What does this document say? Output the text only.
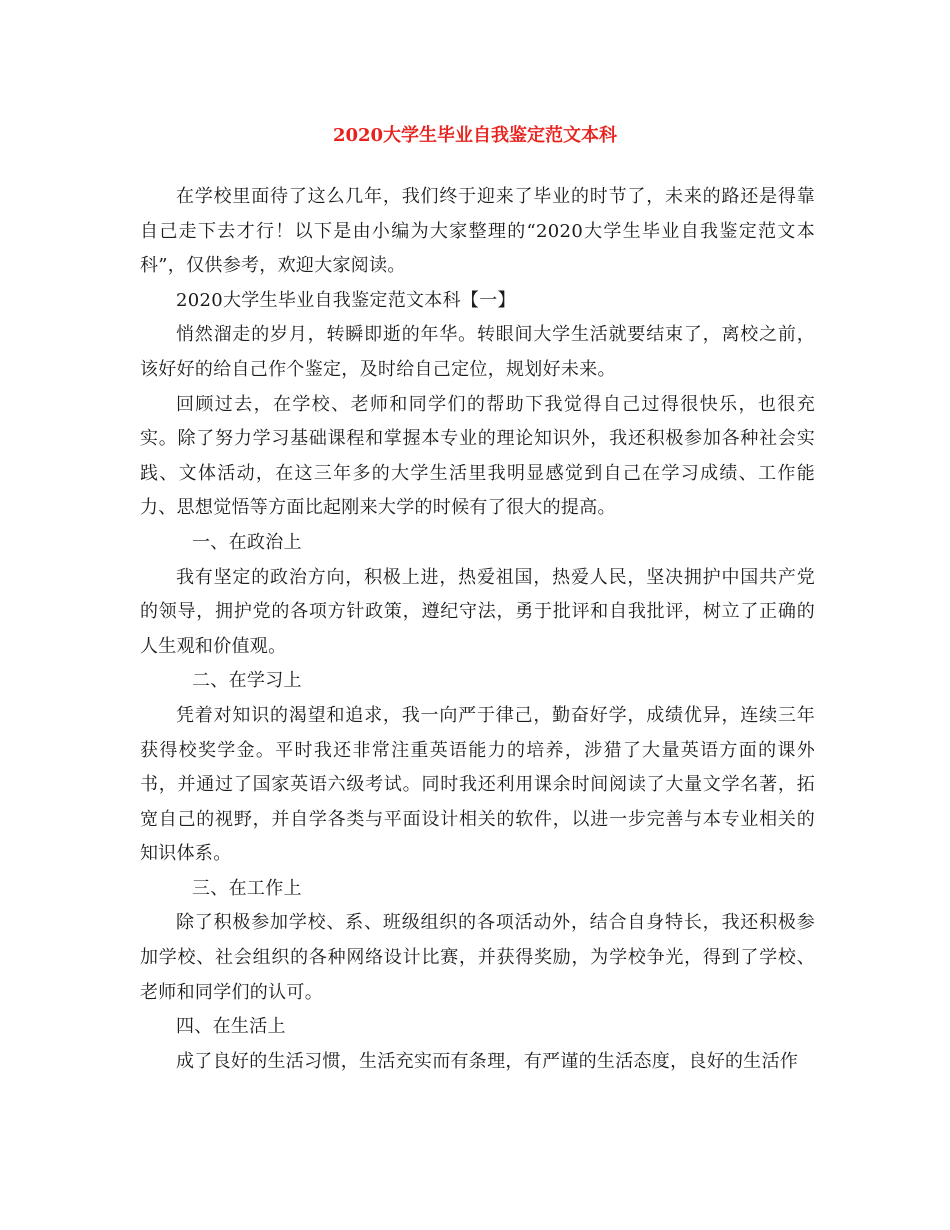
2020大学生毕业自我鉴定范文本科

在学校里面待了这么几年，我们终于迎来了毕业的时节了，未来的路还是得靠自己走下去才行！以下是由小编为大家整理的“2020大学生毕业自我鉴定范文本科”，仅供参考，欢迎大家阅读。

2020大学生毕业自我鉴定范文本科【一】

悄然溜走的岁月，转瞬即逝的年华。转眼间大学生活就要结束了，离校之前，该好好的给自己作个鉴定，及时给自己定位，规划好未来。

回顾过去，在学校、老师和同学们的帮助下我觉得自己过得很快乐，也很充实。除了努力学习基础课程和掌握本专业的理论知识外，我还积极参加各种社会实践、文体活动，在这三年多的大学生活里我明显感觉到自己在学习成绩、工作能力、思想觉悟等方面比起刚来大学的时候有了很大的提高。

一、在政治上

我有坚定的政治方向，积极上进，热爱祖国，热爱人民，坚决拥护中国共产党的领导，拥护党的各项方针政策，遵纪守法，勇于批评和自我批评，树立了正确的人生观和价值观。

二、在学习上

凭着对知识的渴望和追求，我一向严于律己，勤奋好学，成绩优异，连续三年获得校奖学金。平时我还非常注重英语能力的培养，涉猎了大量英语方面的课外书，并通过了国家英语六级考试。同时我还利用课余时间阅读了大量文学名著，拓宽自己的视野，并自学各类与平面设计相关的软件，以进一步完善与本专业相关的知识体系。

三、在工作上

除了积极参加学校、系、班级组织的各项活动外，结合自身特长，我还积极参加学校、社会组织的各种网络设计比赛，并获得奖励，为学校争光，得到了学校、老师和同学们的认可。

四、在生活上

成了良好的生活习惯，生活充实而有条理，有严谨的生活态度，良好的生活作
